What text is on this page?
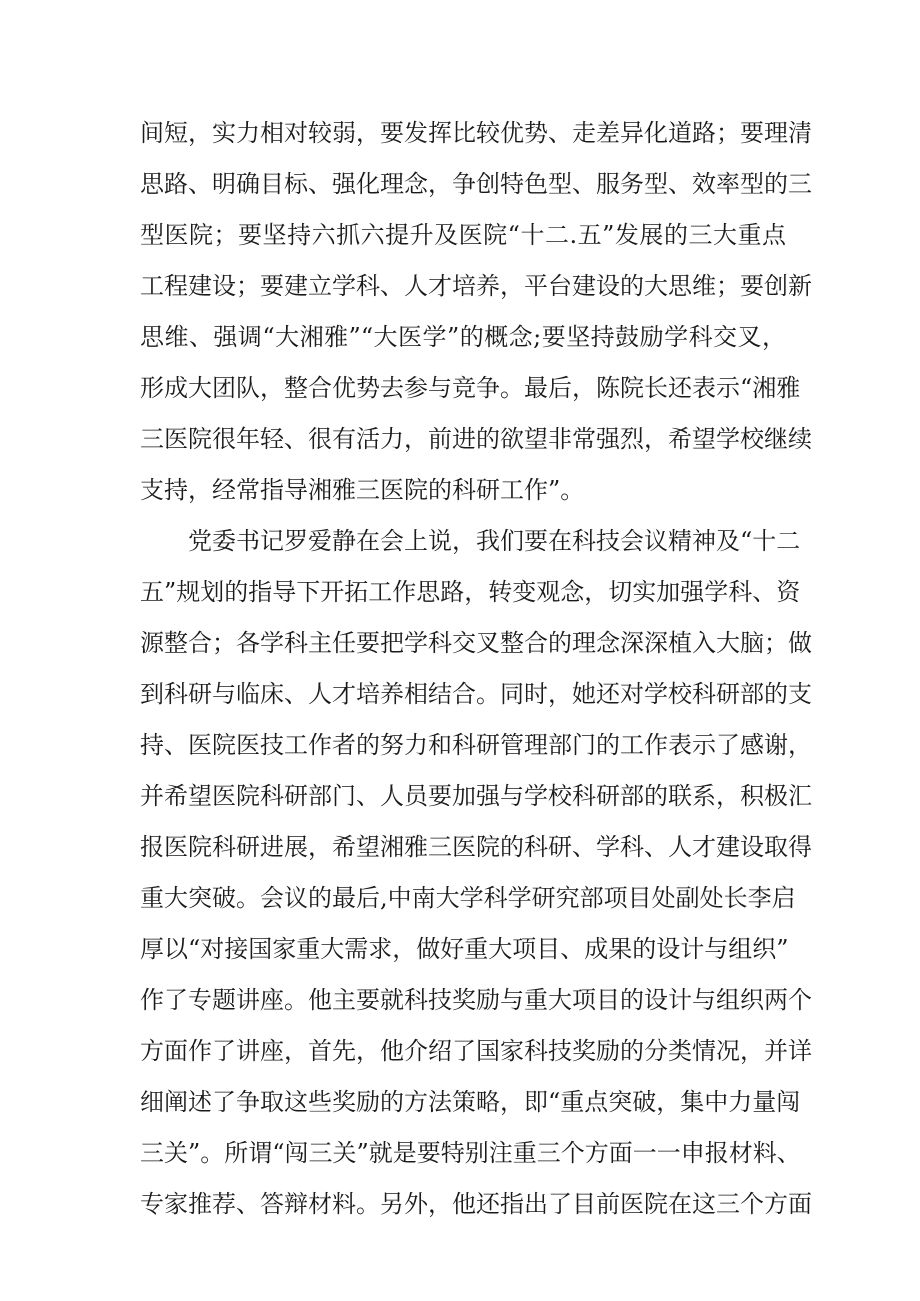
间短，实力相对较弱，要发挥比较优势、走差异化道路；要理清
思路、明确目标、强化理念，争创特色型、服务型、效率型的三
型医院；要坚持六抓六提升及医院“十二.五”发展的三大重点
工程建设；要建立学科、人才培养，平台建设的大思维；要创新
思维、强调“大湘雅”“大医学”的概念;要坚持鼓励学科交叉，
形成大团队，整合优势去参与竞争。最后，陈院长还表示“湘雅
三医院很年轻、很有活力，前进的欲望非常强烈，希望学校继续
支持，经常指导湘雅三医院的科研工作”。
党委书记罗爱静在会上说，我们要在科技会议精神及“十二
五”规划的指导下开拓工作思路，转变观念，切实加强学科、资
源整合；各学科主任要把学科交叉整合的理念深深植入大脑；做
到科研与临床、人才培养相结合。同时，她还对学校科研部的支
持、医院医技工作者的努力和科研管理部门的工作表示了感谢，
并希望医院科研部门、人员要加强与学校科研部的联系，积极汇
报医院科研进展，希望湘雅三医院的科研、学科、人才建设取得
重大突破。会议的最后,中南大学科学研究部项目处副处长李启
厚以“对接国家重大需求，做好重大项目、成果的设计与组织”
作了专题讲座。他主要就科技奖励与重大项目的设计与组织两个
方面作了讲座，首先，他介绍了国家科技奖励的分类情况，并详
细阐述了争取这些奖励的方法策略，即“重点突破，集中力量闯
三关”。所谓“闯三关”就是要特别注重三个方面一一申报材料、
专家推荐、答辩材料。另外，他还指出了目前医院在这三个方面
